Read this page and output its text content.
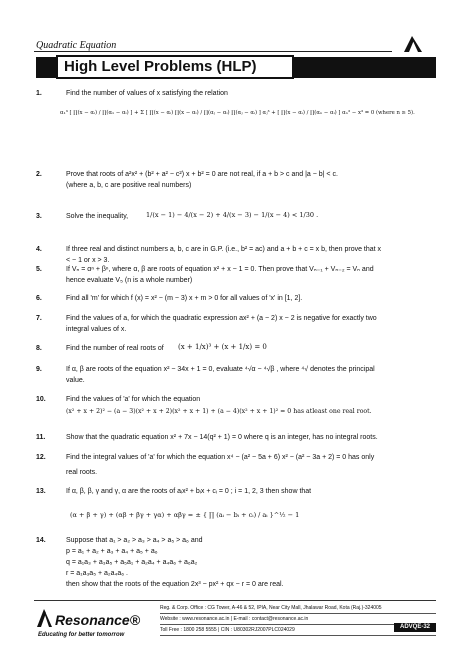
Quadratic Equation
High Level Problems (HLP)
1.	Find the number of values of x satisfying the relation
α₁³ [ ∏(x − αᵢ) / ∏(α₁ − αᵢ) ] + Σ [ ∏(x − αᵢ) ∏(x − αᵢ) / ∏(αⱼ − αᵢ) ∏(αⱼ − αᵢ) ] αⱼ³ + [ ∏(x − αᵢ) / ∏(αₙ − αᵢ) ] αₙ³ − x³ = 0 (where n ≥ 5).
2.	Prove that roots of a²x² + (b² + a² − c²) x + b² = 0 are not real, if a + b > c and |a − b| < c.
(where a, b, c are positive real numbers)
3.	Solve the inequality,	1/(x − 1) − 4/(x − 2) + 4/(x − 3) − 1/(x − 4) < 1/30 .
4.	If three real and distinct numbers a, b, c are in G.P. (i.e., b² = ac) and a + b + c = x b, then prove that x
< − 1 or x > 3.
5.	If Vₙ = αⁿ + βⁿ, where α, β are roots of equation x² + x − 1 = 0. Then prove that Vₙ₋₁ + Vₙ₋₂ = Vₙ and
hence evaluate V₅ (n is a whole number)
6.	Find all 'm' for which f (x) = x² − (m − 3) x + m > 0 for all values of 'x' in [1, 2].
7.	Find the values of a, for which the quadratic expression ax² + (a − 2) x − 2 is negative for exactly two
integral values of x.
8.	Find the number of real roots of	(x + 1/x)³ + (x + 1/x) = 0
9.	If α, β are roots of the equation x² − 34x + 1 = 0, evaluate ⁴√α − ⁴√β , where ⁴√ denotes the principal
value.
10.	Find the values of 'a' for which the equation
(x² + x + 2)² − (a − 3)(x² + x + 2)(x² + x + 1) + (a − 4)(x² + x + 1)² = 0 has atleast one real root.
11.	Show that the quadratic equation x² + 7x − 14(q² + 1) = 0 where q is an integer, has no integral roots.
12.	Find the integral values of 'a' for which the equation x⁴ − (a² − 5a + 6) x² − (a² − 3a + 2) = 0 has only
real roots.
13.	If α, β, β, γ and γ, α are the roots of aᵢx² + bᵢx + cᵢ = 0 ; i = 1, 2, 3 then show that
(α + β + γ) + (αβ + βγ + γα) + αβγ = ± { ∏ (aᵢ − bᵢ + cᵢ) / aᵢ }^½ − 1
14.	Suppose that a₁ > a₂ > a₃ > a₄ > a₅ > a₆ and
p = a₁ + a₂ + a₃ + a₄ + a₅ + a₆
q = a₁a₃ + a₃a₅ + a₅a₁ + a₂a₄ + a₄a₆ + a₆a₂
r = a₁a₃a₅ + a₂a₄a₆ .
then show that the roots of the equation 2x³ − px² + qx − r = 0 are real.
Resonance®
Educating for better tomorrow
Reg. & Corp. Office : CG Tower, A-46 & 52, IPIA, Near City Mall, Jhalawar Road, Kota (Raj.)-324005
Website : www.resonance.ac.in | E-mail : contact@resonance.ac.in
Toll Free : 1800 258 5555 | CIN : U80302RJ2007PLC024029	ADVQE-32
